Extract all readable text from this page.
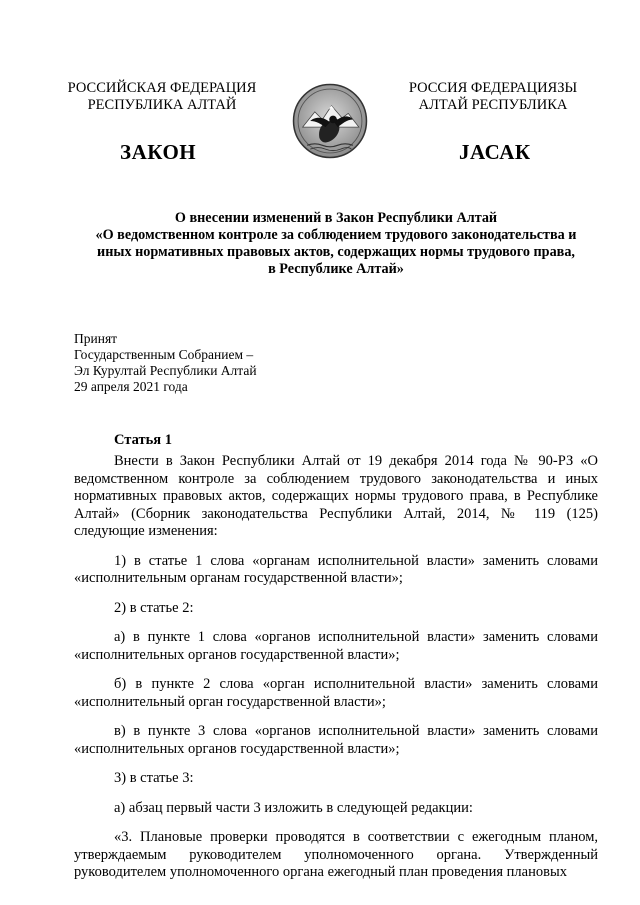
РОССИЙСКАЯ ФЕДЕРАЦИЯ
РЕСПУБЛИКА АЛТАЙ
РОССИЯ ФЕДЕРАЦИЯЗЫ
АЛТАЙ РЕСПУБЛИКА
ЗАКОН	ЈАСАК
О внесении изменений в Закон Республики Алтай
«О ведомственном контроле за соблюдением трудового законодательства и
иных нормативных правовых актов, содержащих нормы трудового права,
в Республике Алтай»
Принят
Государственным Собранием –
Эл Курултай Республики Алтай
29 апреля 2021 года
Статья 1

Внести в Закон Республики Алтай от 19 декабря 2014 года № 90-РЗ «О ведомственном контроле за соблюдением трудового законодательства и иных нормативных правовых актов, содержащих нормы трудового права, в Республике Алтай» (Сборник законодательства Республики Алтай, 2014, № 119 (125) следующие изменения:

1) в статье 1 слова «органам исполнительной власти» заменить словами «исполнительным органам государственной власти»;

2) в статье 2:

а) в пункте 1 слова «органов исполнительной власти» заменить словами «исполнительных органов государственной власти»;

б) в пункте 2 слова «орган исполнительной власти» заменить словами «исполнительный орган государственной власти»;

в) в пункте 3 слова «органов исполнительной власти» заменить словами «исполнительных органов государственной власти»;

3) в статье 3:

а) абзац первый части 3 изложить в следующей редакции:

«3. Плановые проверки проводятся в соответствии с ежегодным планом, утверждаемым руководителем уполномоченного органа. Утвержденный руководителем уполномоченного органа ежегодный план проведения плановых
